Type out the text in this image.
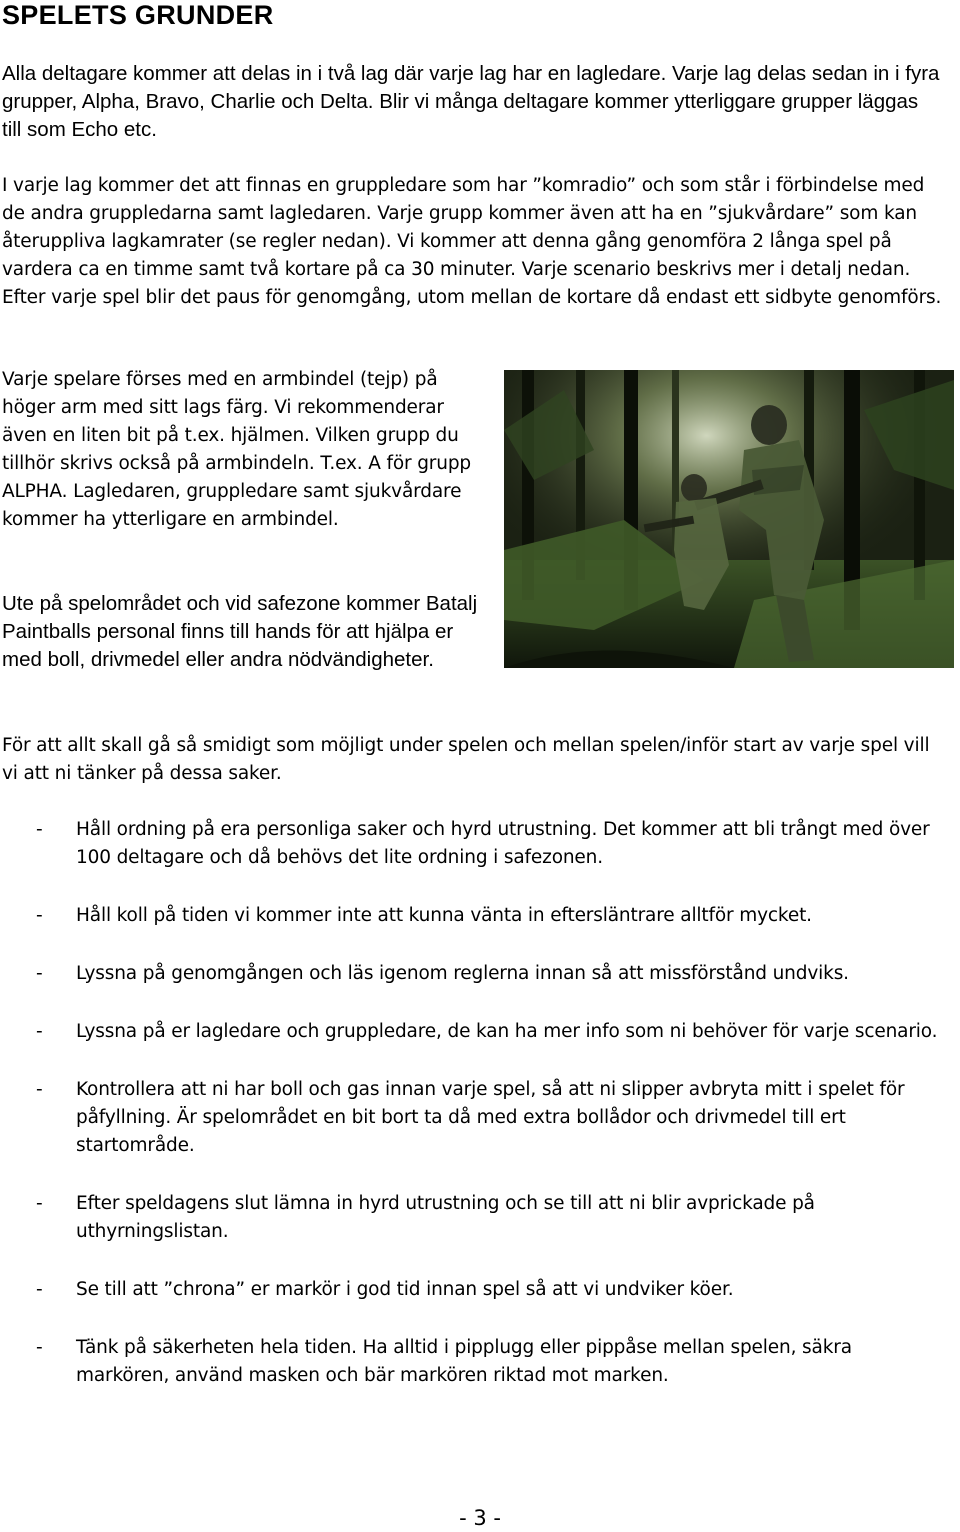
SPELETS GRUNDER

Alla deltagare kommer att delas in i två lag där varje lag har en lagledare. Varje lag delas sedan in i fyra grupper, Alpha, Bravo, Charlie och Delta. Blir vi många deltagare kommer ytterliggare grupper läggas till som Echo etc.

I varje lag kommer det att finnas en gruppledare som har ”komradio” och som står i förbindelse med de andra gruppledarna samt lagledaren. Varje grupp kommer även att ha en ”sjukvårdare” som kan återuppliva lagkamrater (se regler nedan). Vi kommer att denna gång genomföra 2 långa spel på vardera ca en timme samt två kortare på ca 30 minuter. Varje scenario beskrivs mer i detalj nedan. Efter varje spel blir det paus för genomgång, utom mellan de kortare då endast ett sidbyte genomförs.

Varje spelare förses med en armbindel (tejp) på höger arm med sitt lags färg. Vi rekommenderar även en liten bit på t.ex. hjälmen. Vilken grupp du tillhör skrivs också på armbindeln. T.ex. A för grupp ALPHA. Lagledaren, gruppledare samt sjukvårdare kommer ha ytterligare en armbindel.

Ute på spelområdet och vid safezone kommer Batalj Paintballs personal finns till hands för att hjälpa er med boll, drivmedel eller andra nödvändigheter.

För att allt skall gå så smidigt som möjligt under spelen och mellan spelen/inför start av varje spel vill vi att ni tänker på dessa saker.

- Håll ordning på era personliga saker och hyrd utrustning. Det kommer att bli trångt med över 100 deltagare och då behövs det lite ordning i safezonen.
- Håll koll på tiden vi kommer inte att kunna vänta in eftersläntrare alltför mycket.
- Lyssna på genomgången och läs igenom reglerna innan så att missförstånd undviks.
- Lyssna på er lagledare och gruppledare, de kan ha mer info som ni behöver för varje scenario.
- Kontrollera att ni har boll och gas innan varje spel, så att ni slipper avbryta mitt i spelet för påfyllning. Är spelområdet en bit bort ta då med extra bollådor och drivmedel till ert startområde.
- Efter speldagens slut lämna in hyrd utrustning och se till att ni blir avprickade på uthyrningslistan.
- Se till att ”chrona” er markör i god tid innan spel så att vi undviker köer.
- Tänk på säkerheten hela tiden. Ha alltid i pipplugg eller pippåse mellan spelen, säkra markören, använd masken och bär markören riktad mot marken.
- 3 -
